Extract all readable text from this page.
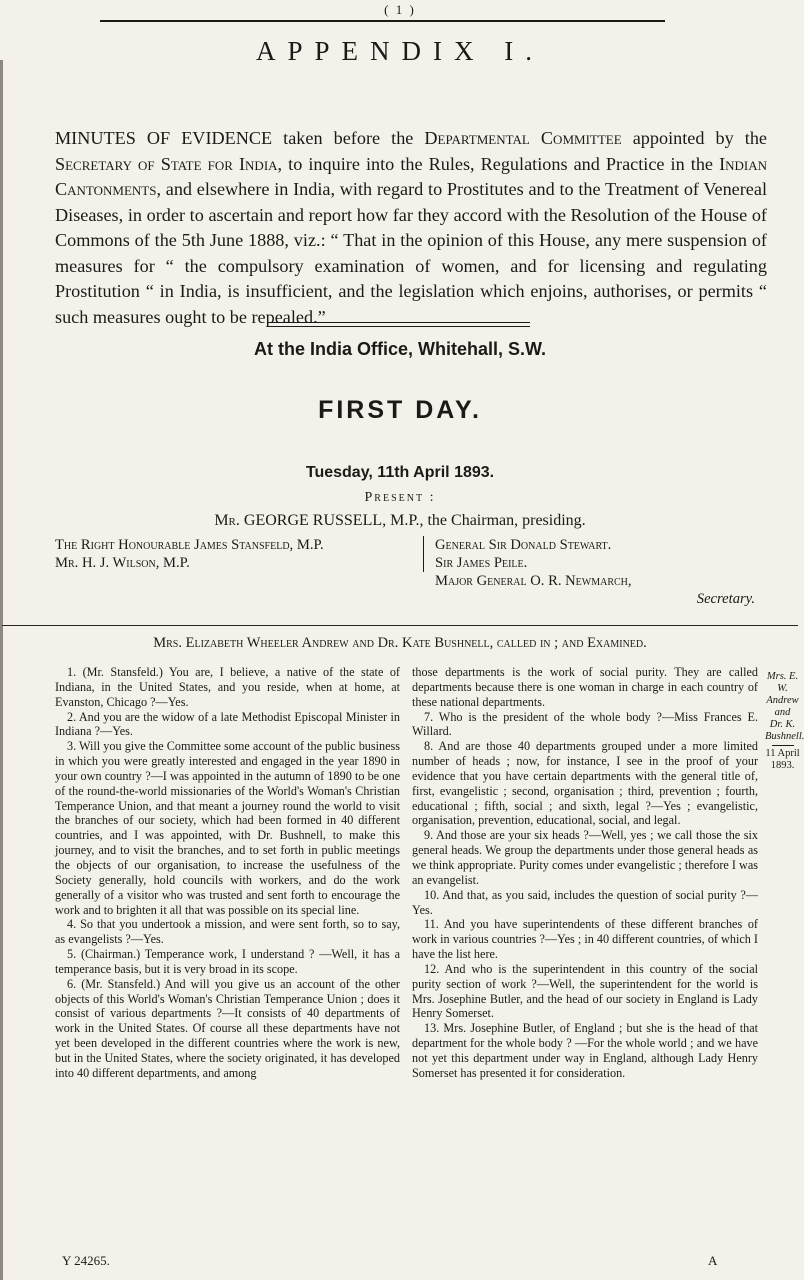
( 1 )
APPENDIX I.
MINUTES OF EVIDENCE taken before the Departmental Committee appointed by the Secretary of State for India, to inquire into the Rules, Regulations and Practice in the Indian Cantonments, and elsewhere in India, with regard to Prostitutes and to the Treatment of Venereal Diseases, in order to ascertain and report how far they accord with the Resolution of the House of Commons of the 5th June 1888, viz.: “ That in the opinion of this House, any mere suspension of measures for “ the compulsory examination of women, and for licensing and regulating Prostitution “ in India, is insufficient, and the legislation which enjoins, authorises, or permits “ such measures ought to be repealed.”
At the India Office, Whitehall, S.W.
FIRST DAY.
Tuesday, 11th April 1893.
Present :
Mr. GEORGE RUSSELL, M.P., the Chairman, presiding.
The Right Honourable James Stansfeld, M.P.
Mr. H. J. Wilson, M.P.
General Sir Donald Stewart.
Sir James Peile.
Major General O. R. Newmarch,
Secretary.
Mrs. Elizabeth Wheeler Andrew and Dr. Kate Bushnell, called in ; and Examined.

1. (Mr. Stansfeld.) You are, I believe, a native of the state of Indiana, in the United States, and you reside, when at home, at Evanston, Chicago ?—Yes.

2. And you are the widow of a late Methodist Episcopal Minister in Indiana ?—Yes.

3. Will you give the Committee some account of the public business in which you were greatly interested and engaged in the year 1890 in your own country ?—I was appointed in the autumn of 1890 to be one of the round-the-world missionaries of the World's Woman's Christian Temperance Union, and that meant a journey round the world to visit the branches of our society, which had been formed in 40 different countries, and I was appointed, with Dr. Bushnell, to make this journey, and to visit the branches, and to set forth in public meetings the objects of our organisation, to increase the usefulness of the Society generally, hold councils with workers, and do the work generally of a visitor who was trusted and sent forth to encourage the work and to brighten it all that was possible on its special line.

4. So that you undertook a mission, and were sent forth, so to say, as evangelists ?—Yes.

5. (Chairman.) Temperance work, I understand ? —Well, it has a temperance basis, but it is very broad in its scope.

6. (Mr. Stansfeld.) And will you give us an account of the other objects of this World's Woman's Christian Temperance Union ; does it consist of various departments ?—It consists of 40 departments of work in the United States. Of course all these departments have not yet been developed in the different countries where the work is new, but in the United States, where the society originated, it has developed into 40 different departments, and among

those departments is the work of social purity. They are called departments because there is one woman in charge in each country of these national departments.

7. Who is the president of the whole body ?—Miss Frances E. Willard.

8. And are those 40 departments grouped under a more limited number of heads ; now, for instance, I see in the proof of your evidence that you have certain departments with the general title of, first, evangelistic ; second, organisation ; third, prevention ; fourth, educational ; fifth, social ; and sixth, legal ?—Yes ; evangelistic, organisation, prevention, educational, social, and legal.

9. And those are your six heads ?—Well, yes ; we call those the six general heads. We group the departments under those general heads as we think appropriate. Purity comes under evangelistic ; therefore I was an evangelist.

10. And that, as you said, includes the question of social purity ?—Yes.

11. And you have superintendents of these different branches of work in various countries ?—Yes ; in 40 different countries, of which I have the list here.

12. And who is the superintendent in this country of the social purity section of work ?—Well, the superintendent for the world is Mrs. Josephine Butler, and the head of our society in England is Lady Henry Somerset.

13. Mrs. Josephine Butler, of England ; but she is the head of that department for the whole body ? —For the whole world ; and we have not yet this department under way in England, although Lady Henry Somerset has presented it for consideration.

Mrs. E. W.
Andrew
and
Dr. K.
Bushnell.
11 April 1893.
Y 24265.	A
